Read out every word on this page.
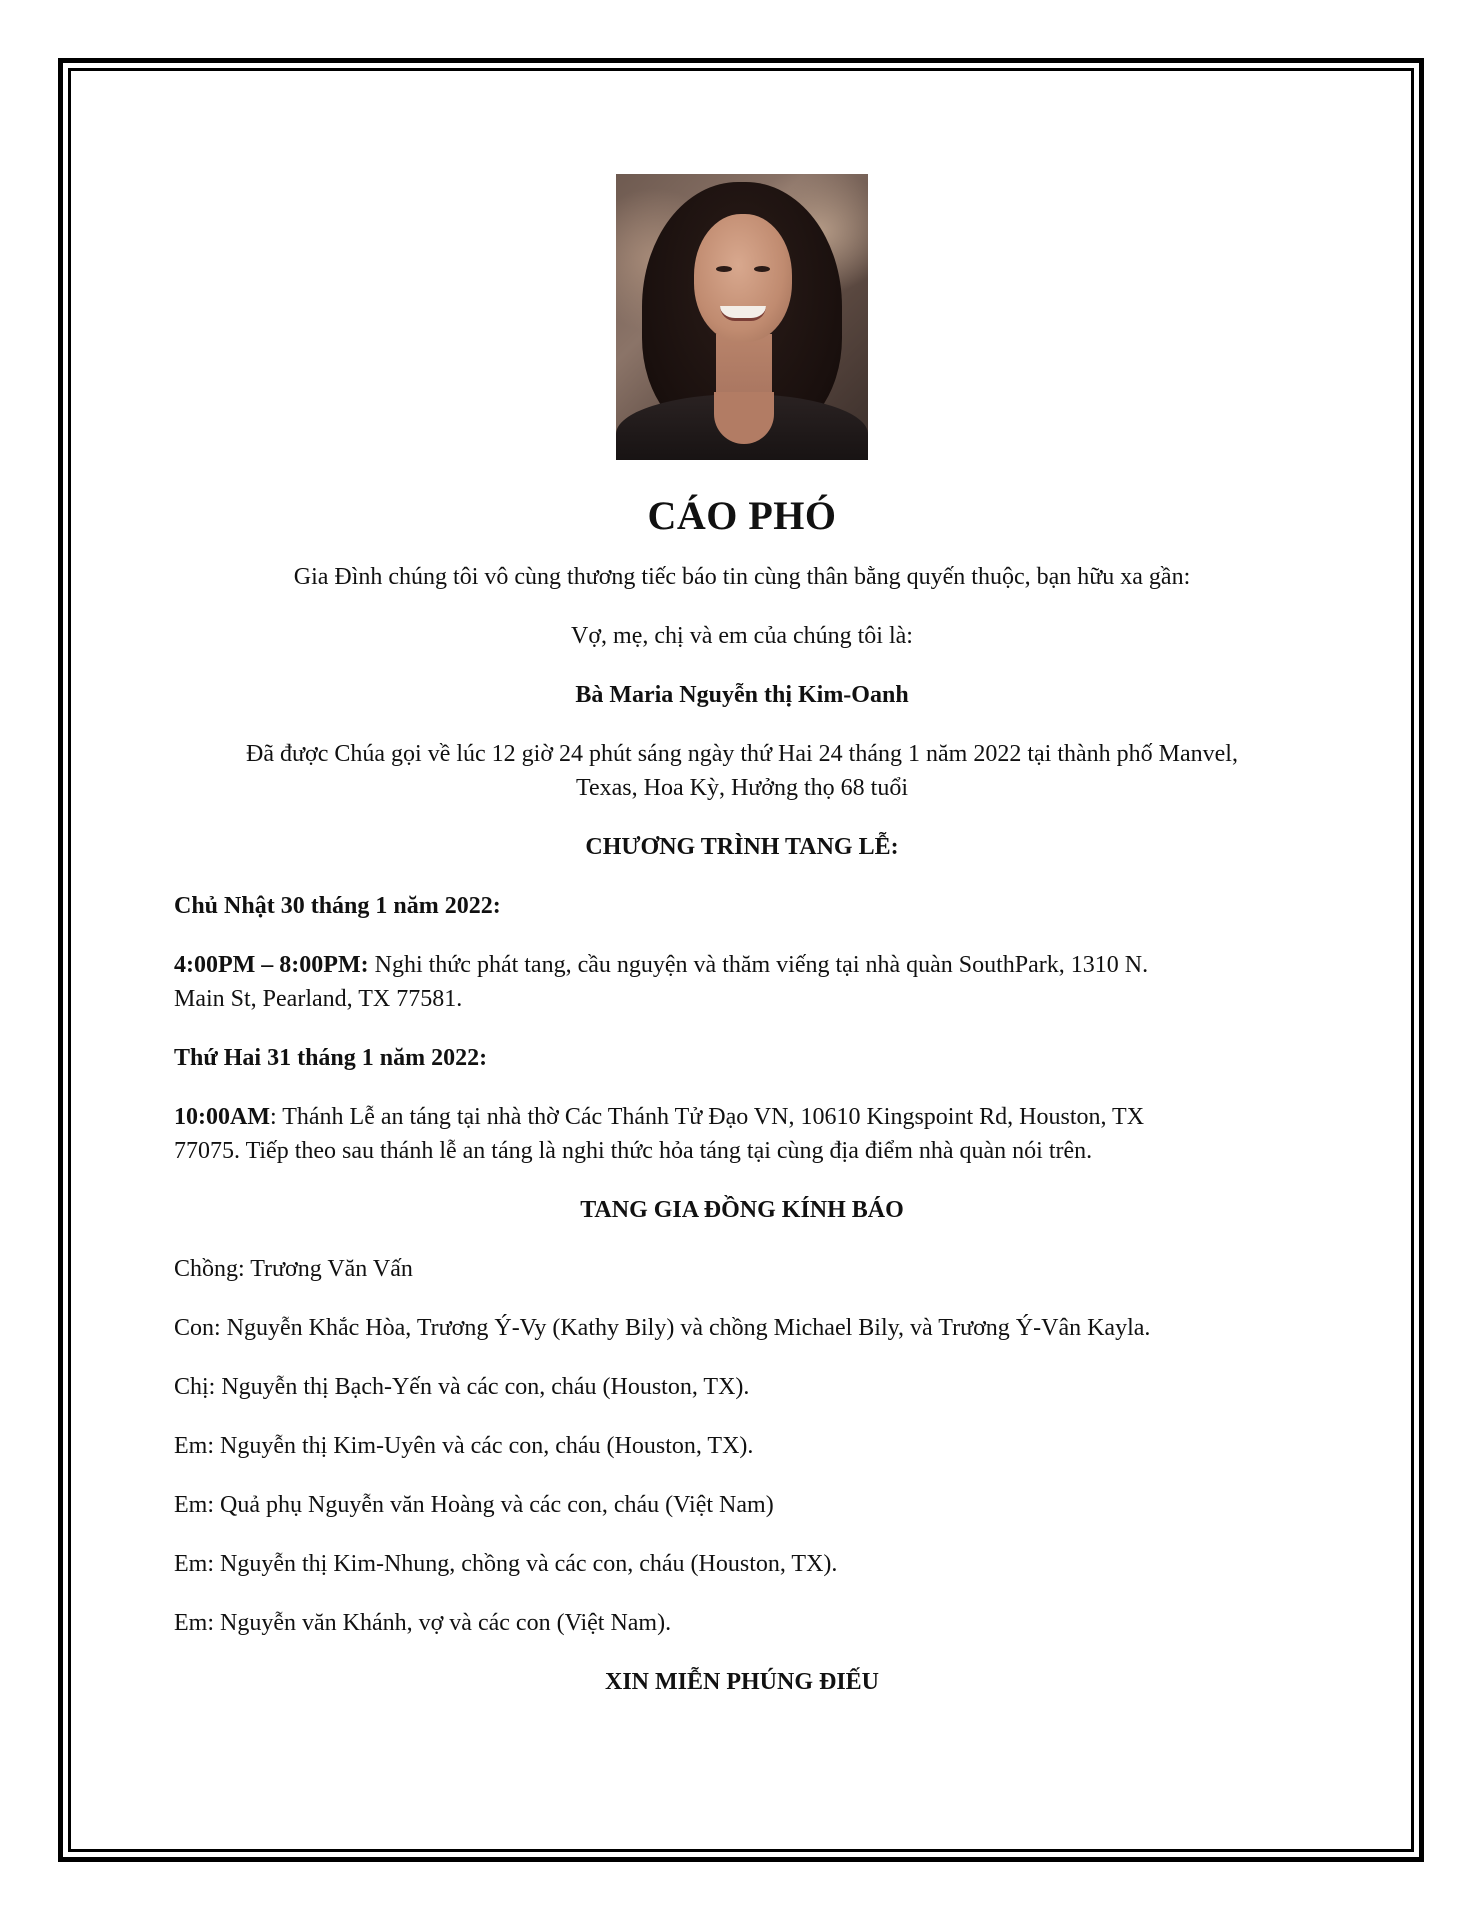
CÁO PHÓ

Gia Đình chúng tôi vô cùng thương tiếc báo tin cùng thân bằng quyến thuộc, bạn hữu xa gần:

Vợ, mẹ, chị và em của chúng tôi là:

Bà Maria Nguyễn thị Kim-Oanh

Đã được Chúa gọi về lúc 12 giờ 24 phút sáng ngày thứ Hai 24 tháng 1 năm 2022 tại thành phố Manvel,

Texas, Hoa Kỳ, Hưởng thọ 68 tuổi

CHƯƠNG TRÌNH TANG LỄ:

Chủ Nhật 30 tháng 1 năm 2022:

4:00PM – 8:00PM: Nghi thức phát tang, cầu nguyện và thăm viếng tại nhà quàn SouthPark, 1310 N.

Main St, Pearland, TX 77581.

Thứ Hai 31 tháng 1 năm 2022:

10:00AM: Thánh Lễ an táng tại nhà thờ Các Thánh Tử Đạo VN, 10610 Kingspoint Rd, Houston, TX

77075. Tiếp theo sau thánh lễ an táng là nghi thức hỏa táng tại cùng địa điểm nhà quàn nói trên.

TANG GIA ĐỒNG KÍNH BÁO

Chồng: Trương Văn Vấn

Con: Nguyễn Khắc Hòa, Trương Ý-Vy (Kathy Bily) và chồng Michael Bily, và Trương Ý-Vân Kayla.

Chị: Nguyễn thị Bạch-Yến và các con, cháu (Houston, TX).

Em: Nguyễn thị Kim-Uyên và các con, cháu (Houston, TX).

Em: Quả phụ Nguyễn văn Hoàng và các con, cháu (Việt Nam)

Em: Nguyễn thị Kim-Nhung, chồng và các con, cháu (Houston, TX).

Em: Nguyễn văn Khánh, vợ và các con (Việt Nam).

XIN MIỄN PHÚNG ĐIẾU
